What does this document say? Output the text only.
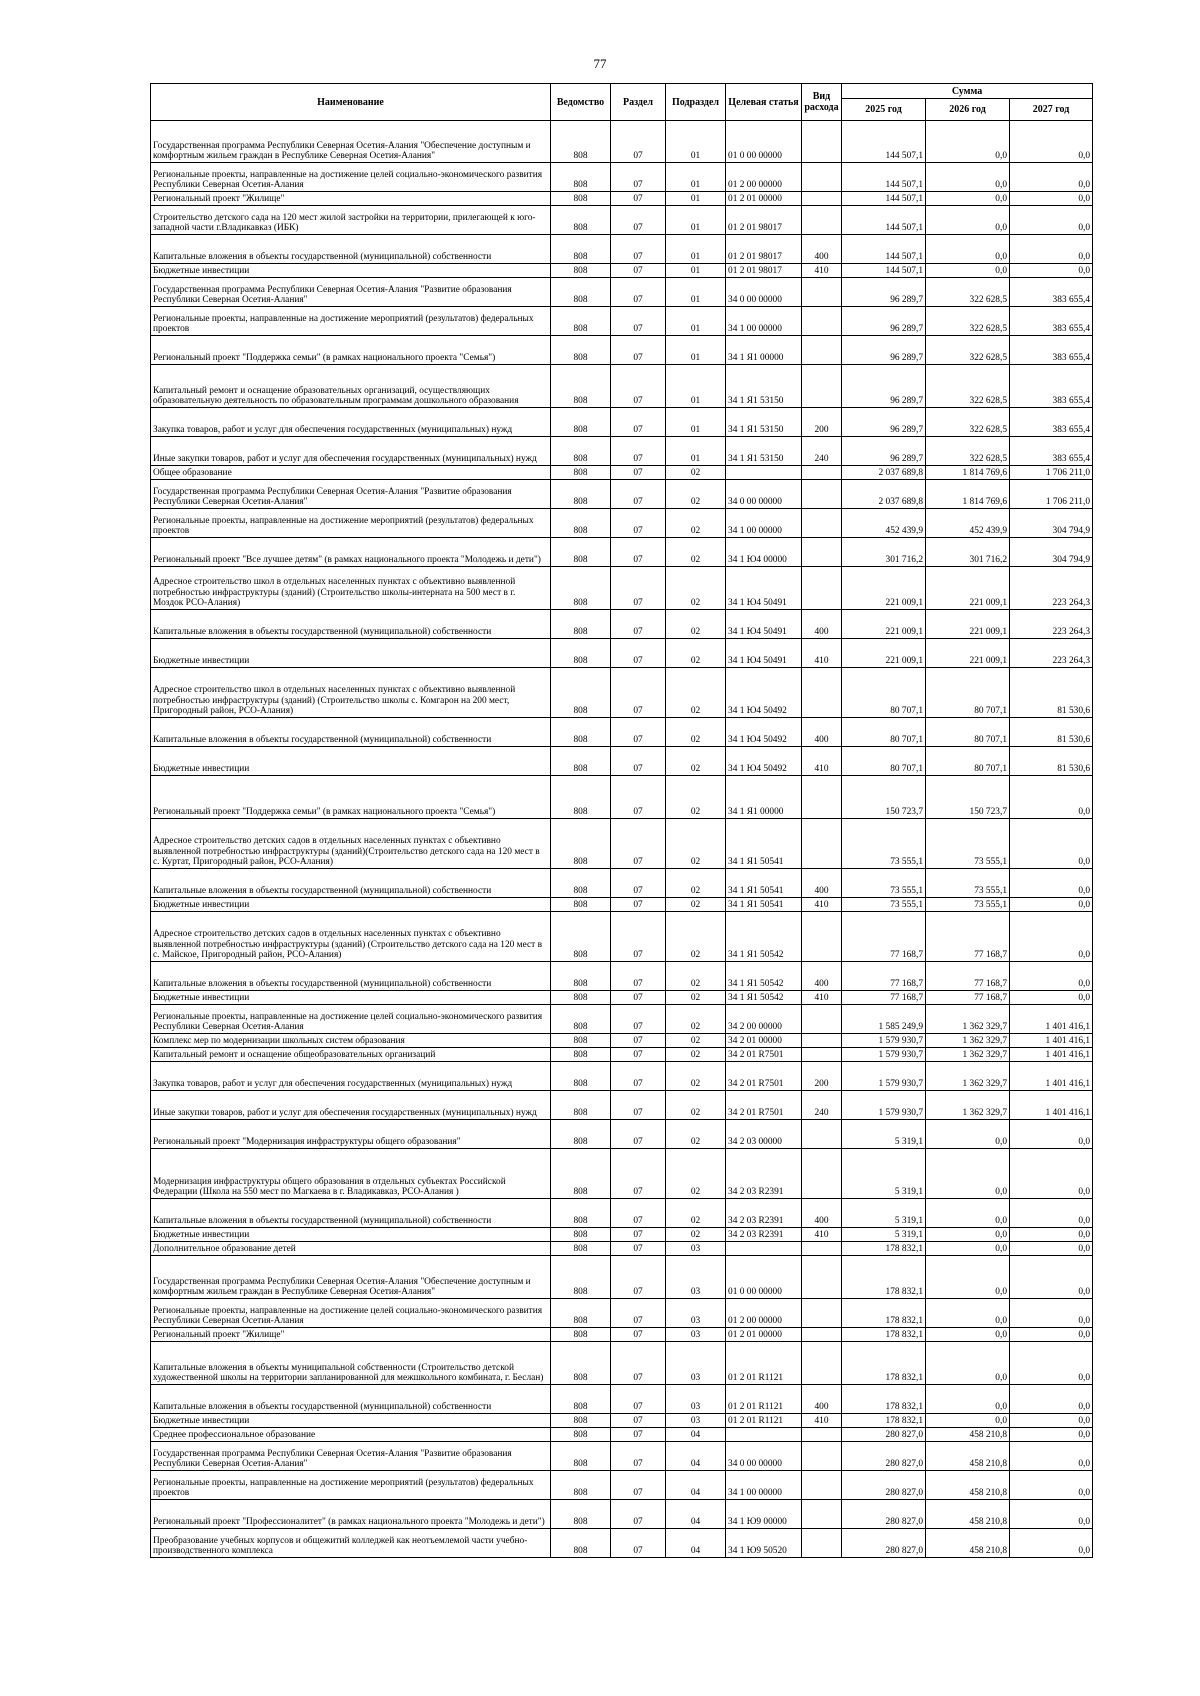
77
Наименование	Ведомство	Раздел	Подраздел	Целевая статья	Вид расхода	Сумма		
						2025 год	2026 год	2027 год
Государственная программа Республики Северная Осетия-Алания "Обеспечение доступным и комфортным жильем граждан в Республике Северная Осетия-Алания"	808	07	01	01 0 00 00000		144 507,1	0,0	0,0
Региональные проекты, направленные на достижение целей социально-экономического развития Республики Северная Осетия-Алания	808	07	01	01 2 00 00000		144 507,1	0,0	0,0
Региональный проект "Жилище"	808	07	01	01 2 01 00000		144 507,1	0,0	0,0
Строительство детского сада на 120 мест жилой застройки на территории, прилегающей к юго-западной части г.Владикавказ (ИБК)	808	07	01	01 2 01 98017		144 507,1	0,0	0,0
Капитальные вложения в объекты государственной (муниципальной) собственности	808	07	01	01 2 01 98017	400	144 507,1	0,0	0,0
Бюджетные инвестиции	808	07	01	01 2 01 98017	410	144 507,1	0,0	0,0
Государственная программа Республики Северная Осетия-Алания "Развитие образования Республики Северная Осетия-Алания"	808	07	01	34 0 00 00000		96 289,7	322 628,5	383 655,4
Региональные проекты, направленные на достижение мероприятий (результатов) федеральных проектов	808	07	01	34 1 00 00000		96 289,7	322 628,5	383 655,4
Региональный проект "Поддержка семьи" (в рамках национального проекта "Семья")	808	07	01	34 1 Я1 00000		96 289,7	322 628,5	383 655,4
Капитальный ремонт и оснащение образовательных организаций, осуществляющих образовательную деятельность по образовательным программам дошкольного образования	808	07	01	34 1 Я1 53150		96 289,7	322 628,5	383 655,4
Закупка товаров, работ и услуг для обеспечения государственных (муниципальных) нужд	808	07	01	34 1 Я1 53150	200	96 289,7	322 628,5	383 655,4
Иные закупки товаров, работ и услуг для обеспечения государственных (муниципальных) нужд	808	07	01	34 1 Я1 53150	240	96 289,7	322 628,5	383 655,4
Общее образование	808	07	02			2 037 689,8	1 814 769,6	1 706 211,0
Государственная программа Республики Северная Осетия-Алания "Развитие образования Республики Северная Осетия-Алания"	808	07	02	34 0 00 00000		2 037 689,8	1 814 769,6	1 706 211,0
Региональные проекты, направленные на достижение мероприятий (результатов) федеральных проектов	808	07	02	34 1 00 00000		452 439,9	452 439,9	304 794,9
Региональный проект "Все лучшее детям" (в рамках национального проекта "Молодежь и дети")	808	07	02	34 1 Ю4 00000		301 716,2	301 716,2	304 794,9
Адресное строительство школ в отдельных населенных пунктах с объективно выявленной потребностью инфраструктуры (зданий) (Строительство школы-интерната на 500 мест в г. Моздок РСО-Алания)	808	07	02	34 1 Ю4 50491		221 009,1	221 009,1	223 264,3
Капитальные вложения в объекты государственной (муниципальной) собственности	808	07	02	34 1 Ю4 50491	400	221 009,1	221 009,1	223 264,3
Бюджетные инвестиции	808	07	02	34 1 Ю4 50491	410	221 009,1	221 009,1	223 264,3
Адресное строительство школ в отдельных населенных пунктах с объективно выявленной потребностью инфраструктуры (зданий) (Строительство школы с. Комгарон на 200 мест, Пригородный район, РСО-Алания)	808	07	02	34 1 Ю4 50492		80 707,1	80 707,1	81 530,6
Капитальные вложения в объекты государственной (муниципальной) собственности	808	07	02	34 1 Ю4 50492	400	80 707,1	80 707,1	81 530,6
Бюджетные инвестиции	808	07	02	34 1 Ю4 50492	410	80 707,1	80 707,1	81 530,6
Региональный проект "Поддержка семьи" (в рамках национального проекта "Семья")	808	07	02	34 1 Я1 00000		150 723,7	150 723,7	0,0
Адресное строительство детских садов в отдельных населенных пунктах с объективно выявленной потребностью инфраструктуры (зданий)(Строительство детского сада на 120 мест в с. Куртат, Пригородный район, РСО-Алания)	808	07	02	34 1 Я1 50541		73 555,1	73 555,1	0,0
Капитальные вложения в объекты государственной (муниципальной) собственности	808	07	02	34 1 Я1 50541	400	73 555,1	73 555,1	0,0
Бюджетные инвестиции	808	07	02	34 1 Я1 50541	410	73 555,1	73 555,1	0,0
Адресное строительство детских садов в отдельных населенных пунктах с объективно выявленной потребностью инфраструктуры (зданий) (Строительство детского сада на 120 мест в с. Майское, Пригородный район, РСО-Алания)	808	07	02	34 1 Я1 50542		77 168,7	77 168,7	0,0
Капитальные вложения в объекты государственной (муниципальной) собственности	808	07	02	34 1 Я1 50542	400	77 168,7	77 168,7	0,0
Бюджетные инвестиции	808	07	02	34 1 Я1 50542	410	77 168,7	77 168,7	0,0
Региональные проекты, направленные на достижение целей социально-экономического развития Республики Северная Осетия-Алания	808	07	02	34 2 00 00000		1 585 249,9	1 362 329,7	1 401 416,1
Комплекс мер по модернизации школьных систем образования	808	07	02	34 2 01 00000		1 579 930,7	1 362 329,7	1 401 416,1
Капитальный ремонт и оснащение общеобразовательных организаций	808	07	02	34 2 01 R7501		1 579 930,7	1 362 329,7	1 401 416,1
Закупка товаров, работ и услуг для обеспечения государственных (муниципальных) нужд	808	07	02	34 2 01 R7501	200	1 579 930,7	1 362 329,7	1 401 416,1
Иные закупки товаров, работ и услуг для обеспечения государственных (муниципальных) нужд	808	07	02	34 2 01 R7501	240	1 579 930,7	1 362 329,7	1 401 416,1
Региональный проект "Модернизация инфраструктуры общего образования"	808	07	02	34 2 03 00000		5 319,1	0,0	0,0
Модернизация инфраструктуры общего образования в отдельных субъектах Российской Федерации (Школа на 550 мест по Магкаева в г. Владикавказ, РСО-Алания )	808	07	02	34 2 03 R2391		5 319,1	0,0	0,0
Капитальные вложения в объекты государственной (муниципальной) собственности	808	07	02	34 2 03 R2391	400	5 319,1	0,0	0,0
Бюджетные инвестиции	808	07	02	34 2 03 R2391	410	5 319,1	0,0	0,0
Дополнительное образование детей	808	07	03			178 832,1	0,0	0,0
Государственная программа Республики Северная Осетия-Алания "Обеспечение доступным и комфортным жильем граждан в Республике Северная Осетия-Алания"	808	07	03	01 0 00 00000		178 832,1	0,0	0,0
Региональные проекты, направленные на достижение целей социально-экономического развития Республики Северная Осетия-Алания	808	07	03	01 2 00 00000		178 832,1	0,0	0,0
Региональный проект "Жилище"	808	07	03	01 2 01 00000		178 832,1	0,0	0,0
Капитальные вложения в объекты муниципальной собственности (Строительство детской художественной школы на территории запланированной для межшкольного комбината, г. Беслан)	808	07	03	01 2 01 R1121		178 832,1	0,0	0,0
Капитальные вложения в объекты государственной (муниципальной) собственности	808	07	03	01 2 01 R1121	400	178 832,1	0,0	0,0
Бюджетные инвестиции	808	07	03	01 2 01 R1121	410	178 832,1	0,0	0,0
Среднее профессиональное образование	808	07	04			280 827,0	458 210,8	0,0
Государственная программа Республики Северная Осетия-Алания "Развитие образования Республики Северная Осетия-Алания"	808	07	04	34 0 00 00000		280 827,0	458 210,8	0,0
Региональные проекты, направленные на достижение мероприятий (результатов) федеральных проектов	808	07	04	34 1 00 00000		280 827,0	458 210,8	0,0
Региональный проект "Профессионалитет" (в рамках национального проекта "Молодежь и дети")	808	07	04	34 1 Ю9 00000		280 827,0	458 210,8	0,0
Преобразование учебных корпусов и общежитий колледжей как неотъемлемой части учебно-производственного комплекса	808	07	04	34 1 Ю9 50520		280 827,0	458 210,8	0,0
